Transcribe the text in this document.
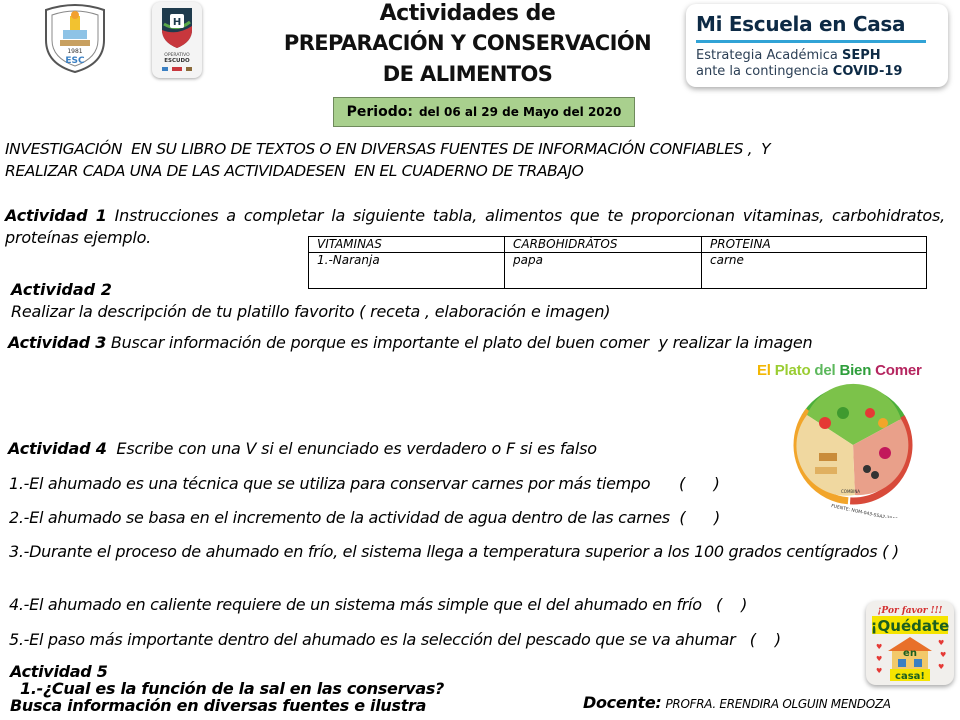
1981
ESC
H
OPERATIVO
ESCUDO
Actividades de
PREPARACIÓN Y CONSERVACIÓN
DE ALIMENTOS
Periodo: del 06 al 29 de Mayo del 2020
Mi Escuela en Casa
Estrategia Académica SEPH
ante la contingencia COVID-19
INVESTIGACIÓN  EN SU LIBRO DE TEXTOS O EN DIVERSAS FUENTES DE INFORMACIÓN CONFIABLES ,  Y
REALIZAR CADA UNA DE LAS ACTIVIDADESEN  EN EL CUADERNO DE TRABAJO
Actividad 1 Instrucciones a completar la siguiente tabla, alimentos que te proporcionan vitaminas, carbohidratos, proteínas ejemplo.	VITAMINAS	CARBOHIDRÁTOS	PROTEINA
1.-Naranja	papa	carne
Actividad 2
Realizar la descripción de tu platillo favorito ( receta , elaboración e imagen)
Actividad 3 Buscar información de porque es importante el plato del buen comer  y realizar la imagen
El Plato del Bien Comer
COMBINA
FUENTE: NOM-043-SSA2-2012
Actividad 4  Escribe con una V si el enunciado es verdadero o F si es falso
1.-El ahumado es una técnica que se utiliza para conservar carnes por más tiempo      (      )
2.-El ahumado se basa en el incremento de la actividad de agua dentro de las carnes  (      )
3.-Durante el proceso de ahumado en frío, el sistema llega a temperatura superior a los 100 grados centígrados ( )
4.-El ahumado en caliente requiere de un sistema más simple que el del ahumado en frío   (    )
5.-El paso más importante dentro del ahumado es la selección del pescado que se va ahumar   (    )
¡Por favor !!!
¡Quédate
en
casa!
♥
♥
♥
♥
♥
♥
Actividad 5
1.-¿Cual es la función de la sal en las conservas?
Busca información en diversas fuentes e ilustra	Docente: PROFRA. ERENDIRA OLGUIN MENDOZA
